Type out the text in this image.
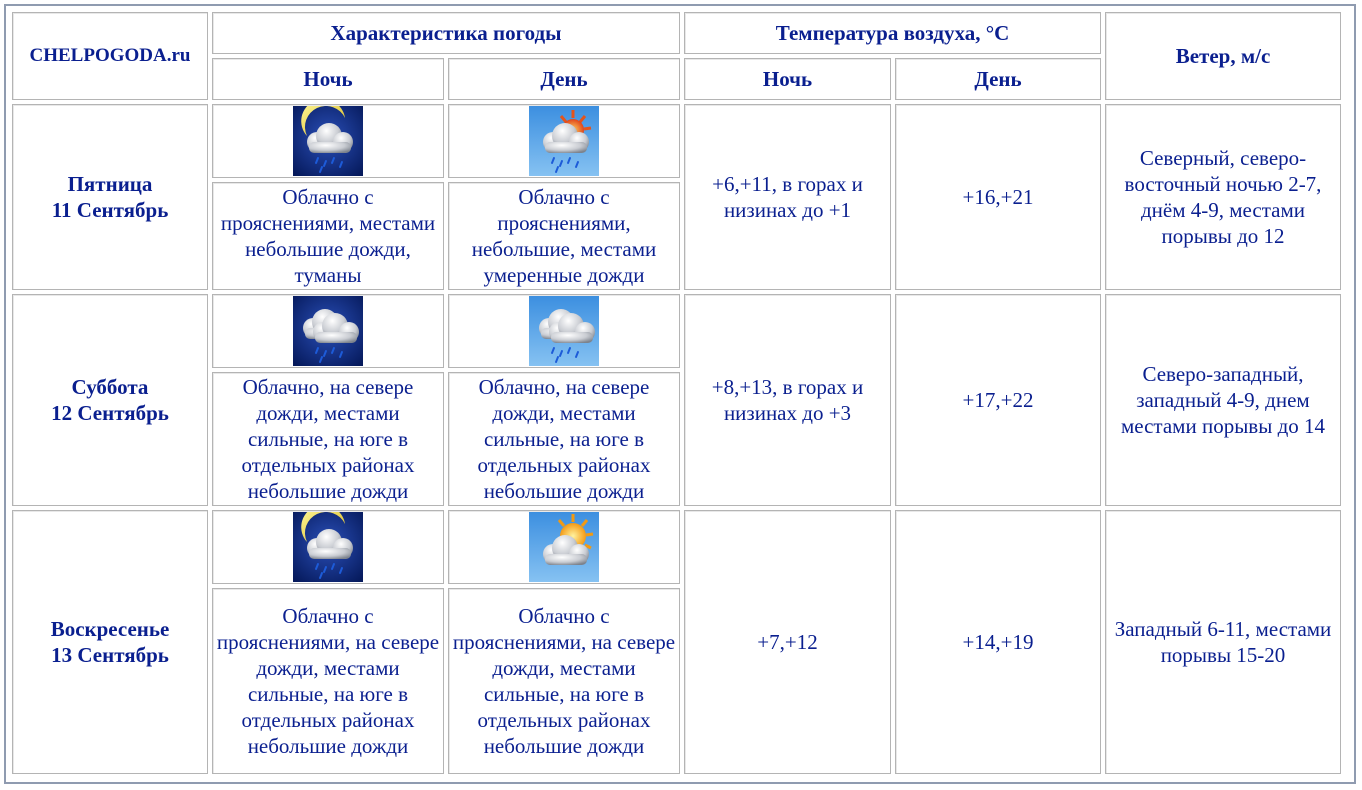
CHELPOGODA.ru	Характеристика погоды		Температура воздуха, °C		Ветер, м/с
	Ночь	День	Ночь	День	

Пятница
11 Сентябрь			+6,+11, в горах и низинах до +1	+16,+21	Северный, северо-восточный ночью 2-7, днём 4-9, местами порывы до 12
	Облачно с прояснениями, местами небольшие дожди, туманы	Облачно с прояснениями, небольшие, местами умеренные дожди			

Суббота
12 Сентябрь			+8,+13, в горах и низинах до +3	+17,+22	Северо-западный, западный 4-9, днем местами порывы до 14
	Облачно, на севере дожди, местами сильные, на юге в отдельных районах небольшие дожди	Облачно, на севере дожди, местами сильные, на юге в отдельных районах небольшие дожди			

Воскресенье
13 Сентябрь			+7,+12	+14,+19	Западный 6-11, местами порывы 15-20
	Облачно с прояснениями, на севере дожди, местами сильные, на юге в отдельных районах небольшие дожди	Облачно с прояснениями, на севере дожди, местами сильные, на юге в отдельных районах небольшие дожди			
